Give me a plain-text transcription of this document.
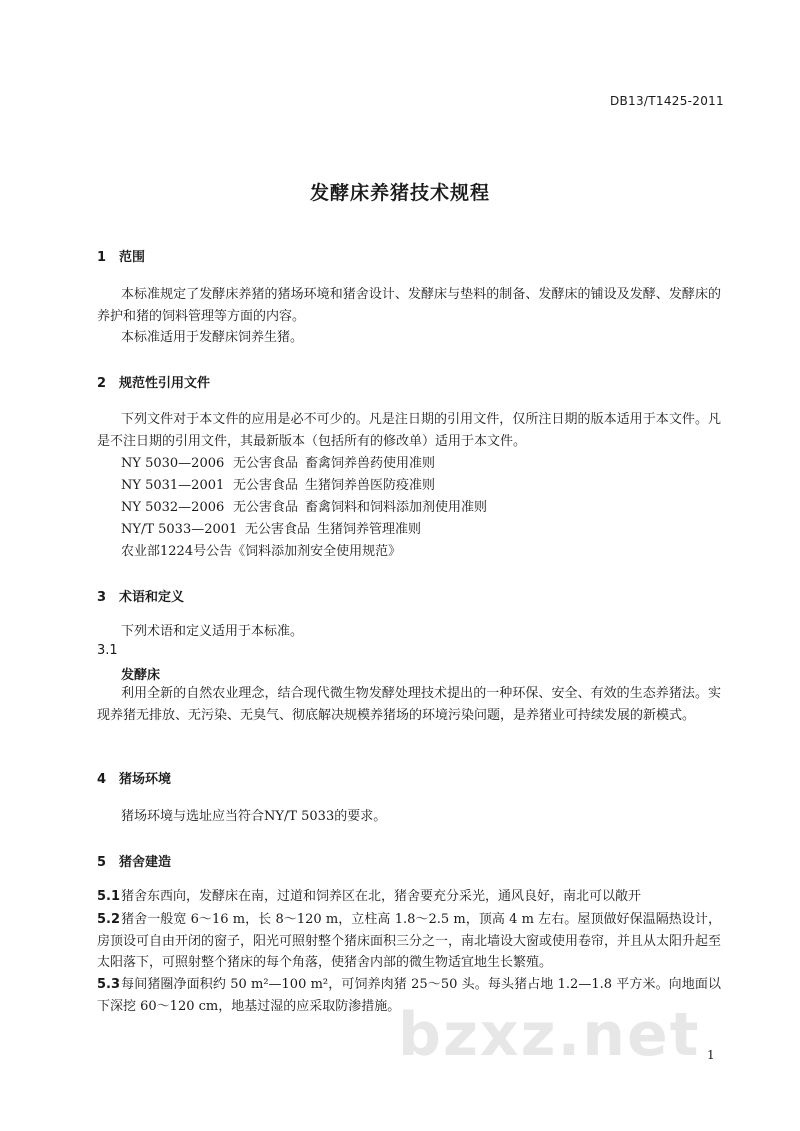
DB13/T1425-2011
发酵床养猪技术规程
1 范围
本标准规定了发酵床养猪的猪场环境和猪舍设计、发酵床与垫料的制备、发酵床的铺设及发酵、发酵床的养护和猪的饲料管理等方面的内容。
本标准适用于发酵床饲养生猪。
2 规范性引用文件
下列文件对于本文件的应用是必不可少的。凡是注日期的引用文件，仅所注日期的版本适用于本文件。凡是不注日期的引用文件，其最新版本（包括所有的修改单）适用于本文件。
NY 5030—2006 无公害食品 畜禽饲养兽药使用准则
NY 5031—2001 无公害食品 生猪饲养兽医防疫准则
NY 5032—2006 无公害食品 畜禽饲料和饲料添加剂使用准则
NY/T 5033—2001 无公害食品 生猪饲养管理准则
农业部1224号公告《饲料添加剂安全使用规范》
3 术语和定义
下列术语和定义适用于本标准。
3.1
发酵床
利用全新的自然农业理念，结合现代微生物发酵处理技术提出的一种环保、安全、有效的生态养猪法。实现养猪无排放、无污染、无臭气、彻底解决规模养猪场的环境污染问题，是养猪业可持续发展的新模式。
4 猪场环境
猪场环境与选址应当符合NY/T 5033的要求。
5 猪舍建造
5.1猪舍东西向，发酵床在南，过道和饲养区在北，猪舍要充分采光，通风良好，南北可以敞开
5.2猪舍一般宽 6～16 m，长 8～120 m，立柱高 1.8～2.5 m，顶高 4 m 左右。屋顶做好保温隔热设计，房顶设可自由开闭的窗子，阳光可照射整个猪床面积三分之一，南北墙设大窗或使用卷帘，并且从太阳升起至太阳落下，可照射整个猪床的每个角落，使猪舍内部的微生物适宜地生长繁殖。
5.3每间猪圈净面积约 50 m²—100 m²，可饲养肉猪 25～50 头。每头猪占地 1.2—1.8 平方米。向地面以下深挖 60～120 cm，地基过湿的应采取防渗措施。
bzxz.net 1
